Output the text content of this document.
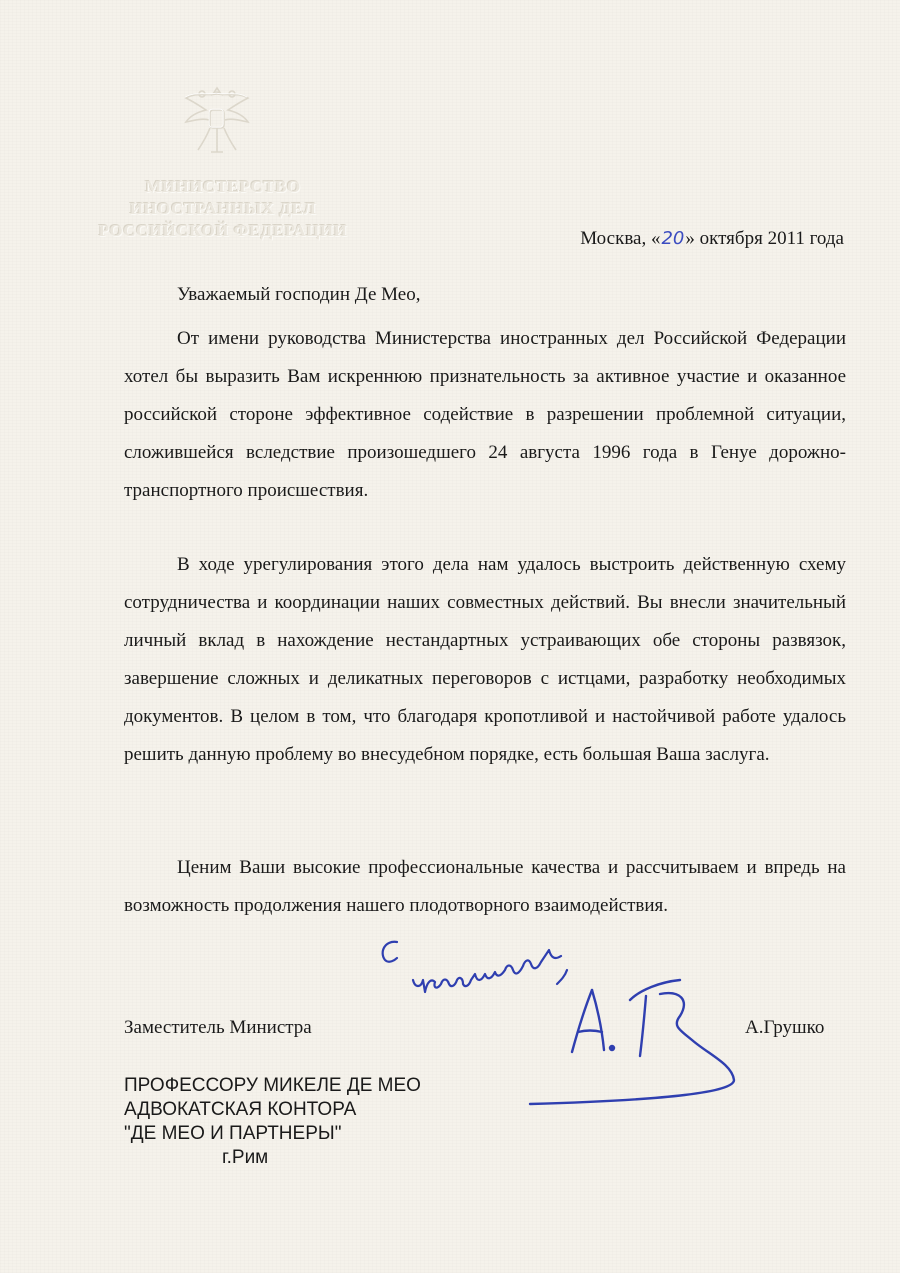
МИНИСТЕРСТВО
ИНОСТРАННЫХ ДЕЛ
РОССИЙСКОЙ ФЕДЕРАЦИИ	Москва, «20» октября 2011 года
Уважаемый господин Де Мео,

От имени руководства Министерства иностранных дел Российской Федерации хотел бы выразить Вам искреннюю признательность за активное участие и оказанное российской стороне эффективное содействие в разрешении проблемной ситуации, сложившейся вследствие произошедшего 24 августа 1996 года в Генуе дорожно-транспортного происшествия.

В ходе урегулирования этого дела нам удалось выстроить действенную схему сотрудничества и координации наших совместных действий. Вы внесли значительный личный вклад в нахождение нестандартных устраивающих обе стороны развязок, завершение сложных и деликатных переговоров с истцами, разработку необходимых документов. В целом в том, что благодаря кропотливой и настойчивой работе удалось решить данную проблему во внесудебном порядке, есть большая Ваша заслуга.

Ценим Ваши высокие профессиональные качества и рассчитываем и впредь на возможность продолжения нашего плодотворного взаимодействия.

Заместитель Министра	А.Грушко
ПРОФЕССОРУ МИКЕЛЕ ДЕ МЕО
АДВОКАТСКАЯ КОНТОРА
"ДЕ МЕО И ПАРТНЕРЫ"
г.Рим
